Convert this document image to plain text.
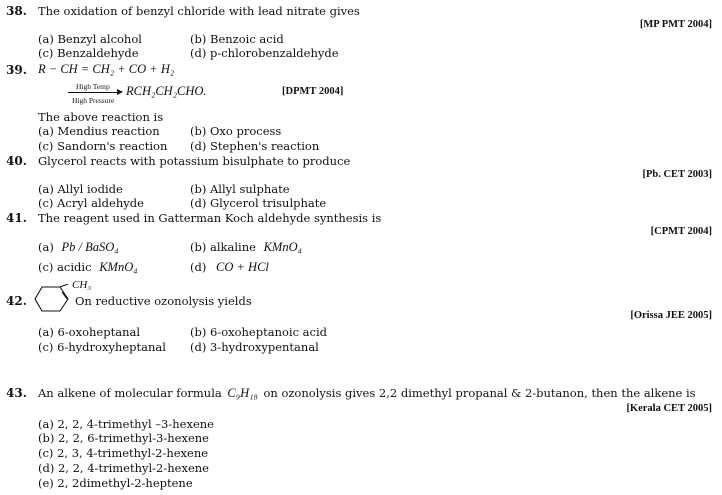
38. The oxidation of benzyl chloride with lead nitrate gives
[MP PMT 2004]
(a) Benzyl alcohol	(b) Benzoic acid
(c) Benzaldehyde	(d) p-chlorobenzaldehyde
39. R − CH = CH₂ + CO + H₂
High Temp
High Pressure
RCH₂CH₂CHO.	[DPMT 2004]
The above reaction is
(a) Mendius reaction	(b) Oxo process
(c) Sandorn's reaction (d) Stephen's reaction
40. Glycerol reacts with potassium bisulphate to produce
[Pb. CET 2003]
(a) Allyl iodide	(b) Allyl sulphate
(c) Acryl aldehyde	(d) Glycerol trisulphate
41. The reagent used in Gatterman Koch aldehyde synthesis is
[CPMT 2004]
(a) Pb / BaSO₄	(b) alkaline KMnO₄
(c) acidic KMnO₄	(d) CO + HCl
42.
CH₃
On reductive ozonolysis yields
[Orissa JEE 2005]
(a) 6-oxoheptanal	(b) 6-oxoheptanoic acid
(c) 6-hydroxyheptanal (d) 3-hydroxypentanal
43. An alkene of molecular formula C₉H₁₈ on ozonolysis gives 2,2 dimethyl propanal & 2-butanon, then the alkene is
[Kerala CET 2005]
(a) 2, 2, 4-trimethyl –3-hexene
(b) 2, 2, 6-trimethyl-3-hexene
(c) 2, 3, 4-trimethyl-2-hexene
(d) 2, 2, 4-trimethyl-2-hexene
(e) 2, 2dimethyl-2-heptene
